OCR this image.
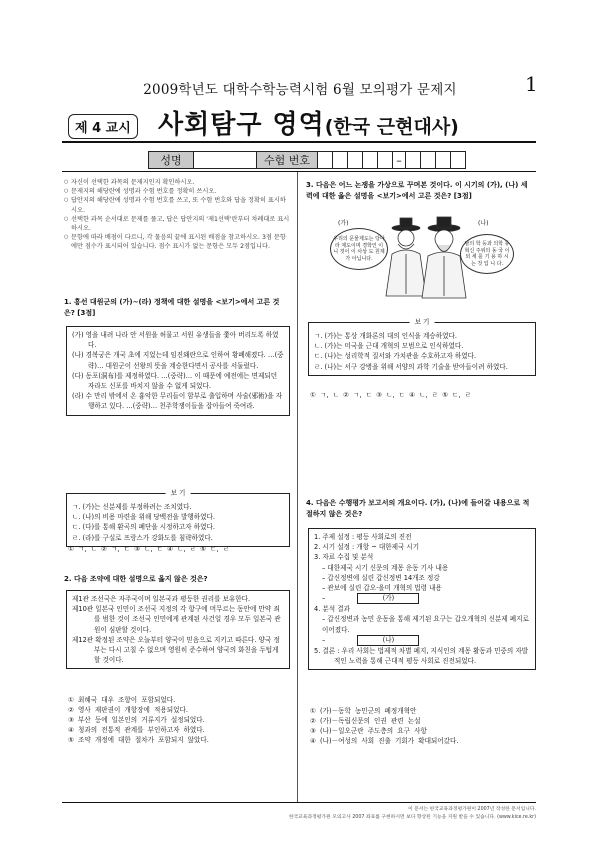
2009학년도 대학수학능력시험 6월 모의평가 문제지	1
제 4 교시 사회탐구 영역(한국 근현대사)
성명	수험 번호	–
○ 자신이 선택한 과목의 문제지인지 확인하시오.
○ 문제지의 해당란에 성명과 수험 번호를 정확히 쓰시오.
○ 답안지의 해당란에 성명과 수험 번호를 쓰고, 또 수험 번호와 답을 정확히 표시하시오.
○ 선택한 과목 순서대로 문제를 풀고, 답은 답안지의 '제1선택'란부터 차례대로 표시하시오.
○ 문항에 따라 배점이 다르니, 각 물음의 끝에 표시된 배점을 참고하시오. 3점 문항에만 점수가 표시되어 있습니다. 점수 표시가 없는 문항은 모두 2점입니다.
1. 흥선 대원군의 (가)~(라) 정책에 대한 설명을 <보기>에서 고른 것은? [3점]
(가) 영을 내려 나라 안 서원을 허물고 서원 유생들을 쫓아 버리도록 하였다.
(나) 경복궁은 개국 초에 지었는데 임진왜란으로 인하여 황폐해졌다. …(중략)… 대원군이 선왕의 뜻을 계승한다면서 공사를 서둘렀다.
(다) 동포(洞布)를 제정하였다. …(중략)… 이 때문에 예전에는 면제되던 자라도 신포를 바치지 않을 수 없게 되었다.
(라) 수 만리 밖에서 온 흉악한 무리들이 함부로 출입하며 사술(邪術)을 자행하고 있다. …(중략)… 천주학쟁이들을 잡아들여 죽여라.
보 기
ㄱ. (가)는 신분제를 부정하려는 조치였다.
ㄴ. (나)의 비용 마련을 위해 당백전을 발행하였다.
ㄷ. (다)를 통해 환곡의 폐단을 시정하고자 하였다.
ㄹ. (라)를 구실로 프랑스가 강화도를 침략하였다.
① ㄱ, ㄴ ② ㄱ, ㄷ ③ ㄴ, ㄷ ④ ㄴ, ㄹ ⑤ ㄷ, ㄹ
2. 다음 조약에 대한 설명으로 옳지 않은 것은?
제1관 조선국은 자주국이며 일본국과 평등한 권리를 보유한다.
제10관 일본국 인민이 조선국 지정의 각 항구에 머무르는 동안에 만약 죄를 범한 것이 조선국 인민에게 관계된 사건일 경우 모두 일본국 관원이 심판할 것이다.
제12관 확정된 조약은 오늘부터 양국이 믿음으로 지키고 따른다. 양국 정부는 다시 고칠 수 없으며 영원히 준수하여 양국의 화친을 두텁게 할 것이다.
① 최혜국 대우 조항이 포함되었다.
② 영사 재판권이 개항장에 적용되었다.
③ 부산 등에 일본인의 거류지가 설정되었다.
④ 청과의 전통적 관계를 부인하고자 하였다.
⑤ 조약 개정에 대한 절차가 포함되지 않았다.
3. 다음은 어느 논쟁을 가상으로 꾸며본 것이다. 이 시기의 (가), (나) 세력에 대한 옳은 설명을 <보기>에서 고른 것은? [3점]
(가)	(나)
우리의 문물제도는 당나라 제도이며 경학인 이니 것이 이 사상 도 원제가 아닙니다.
남의 학 등과 의학 등 혁신 주위의 동 국 이 외 세 를 기 용 하 시 는 것 입 니 다.
보 기
ㄱ. (가)는 통상 개화론의 대의 인식을 계승하였다.
ㄴ. (가)는 미국을 근대 개혁의 모범으로 인식하였다.
ㄷ. (나)는 성리학적 질서와 가치관을 수호하고자 하였다.
ㄹ. (나)는 서구 강병을 위해 서양의 과학 기술을 받아들이려 하였다.
① ㄱ, ㄴ ② ㄱ, ㄷ ③ ㄴ, ㄷ ④ ㄴ, ㄹ ⑤ ㄷ, ㄹ
4. 다음은 수행평가 보고서의 개요이다. (가), (나)에 들어갈 내용으로 적절하지 않은 것은?
1. 주제 설정 : 평등 사회로의 진전
2. 시기 설정 : 개항 ~ 대한제국 시기
3. 자료 수집 및 분석
– 대한제국 시기 신문의 계몽 운동 기사 내용
– 갑신정변에 실린 갑신정변 14개조 정강
– 관보에 실린 갑오·을미 개혁의 법령 내용
–	(가)
4. 분석 결과
– 갑신정변과 농민 운동을 통해 제기된 요구는 갑오개혁의 신분제 폐지로 이어졌다.
–	(나)
5. 결론 : 우리 사회는 법제적 차별 폐지, 지식인의 계몽 활동과 민중의 자발적인 노력을 통해 근대적 평등 사회로 진전되었다.
① (가)－동학 농민군의 폐정개혁안
② (가)－독립신문의 인권 관련 논설
③ (나)－일오군란 주도층의 요구 사항
④ (나)－여성의 사회 진출 기회가 확대되어갔다.
이 문서는 한국교육과정평가원이 2007년 작성한 문서입니다.
한국교육과정평가원 모의고사 2007 좌표를 구현하시면 보다 향상된 기능을 지원 받을 수 있습니다. (www.kice.re.kr)
